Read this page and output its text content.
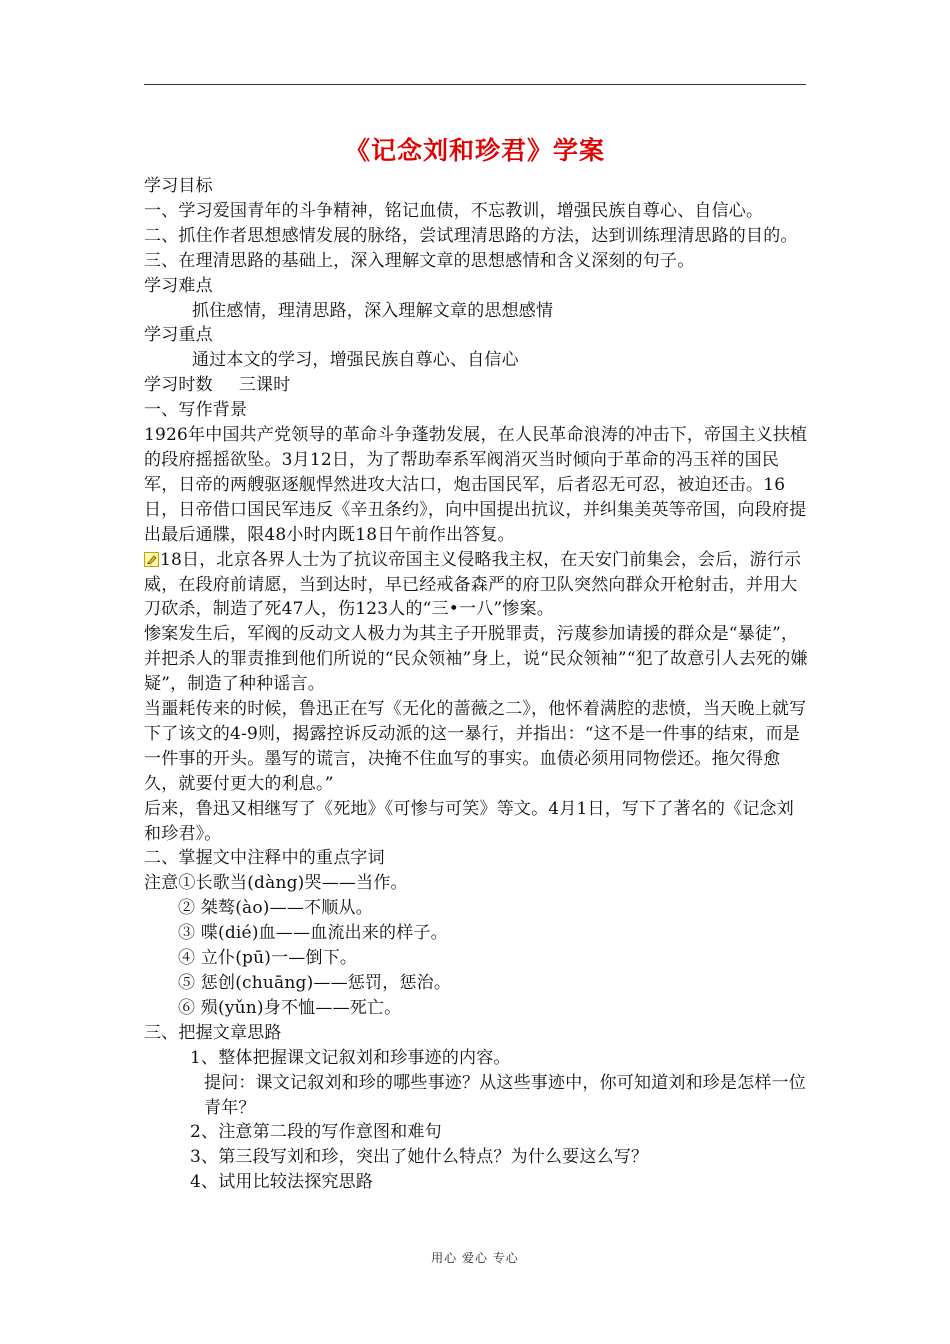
《记念刘和珍君》学案

学习目标

一、学习爱国青年的斗争精神，铭记血债，不忘教训，增强民族自尊心、自信心。

二、抓住作者思想感情发展的脉络，尝试理清思路的方法，达到训练理清思路的目的。

三、在理清思路的基础上，深入理解文章的思想感情和含义深刻的句子。

学习难点

抓住感情，理清思路，深入理解文章的思想感情

学习重点

通过本文的学习，增强民族自尊心、自信心

学习时数 三课时

一、写作背景

1926年中国共产党领导的革命斗争蓬勃发展，在人民革命浪涛的冲击下，帝国主义扶植的段府摇摇欲坠。3月12日，为了帮助奉系军阀消灭当时倾向于革命的冯玉祥的国民军，日帝的两艘驱逐舰悍然进攻大沽口，炮击国民军，后者忍无可忍，被迫还击。16日，日帝借口国民军违反《辛丑条约》，向中国提出抗议，并纠集美英等帝国，向段府提出最后通牒，限48小时内既18日午前作出答复。

18日，北京各界人士为了抗议帝国主义侵略我主权，在天安门前集会，会后，游行示威，在段府前请愿，当到达时，早已经戒备森严的府卫队突然向群众开枪射击，并用大刀砍杀，制造了死47人，伤123人的“三•一八”惨案。

惨案发生后，军阀的反动文人极力为其主子开脱罪责，污蔑参加请援的群众是“暴徒”，并把杀人的罪责推到他们所说的“民众领袖”身上，说“民众领袖”“犯了故意引人去死的嫌疑”，制造了种种谣言。

当噩耗传来的时候，鲁迅正在写《无化的蔷薇之二》，他怀着满腔的悲愤，当天晚上就写下了该文的4-9则，揭露控诉反动派的这一暴行，并指出：“这不是一件事的结束，而是一件事的开头。墨写的谎言，决掩不住血写的事实。血债必须用同物偿还。拖欠得愈久，就要付更大的利息。”

后来，鲁迅又相继写了《死地》《可惨与可笑》等文。4月1日，写下了著名的《记念刘和珍君》。

二、掌握文中注释中的重点字词

注意①长歌当(dàng)哭——当作。

② 桀骜(ào)——不顺从。

③ 喋(dié)血——血流出来的样子。

④ 立仆(pū)一—倒下。

⑤ 惩创(chuāng)——惩罚，惩治。

⑥ 殒(yǔn)身不恤——死亡。

三、把握文章思路

1、整体把握课文记叙刘和珍事迹的内容。

提问：课文记叙刘和珍的哪些事迹？从这些事迹中，你可知道刘和珍是怎样一位青年？

2、注意第二段的写作意图和难句

3、第三段写刘和珍，突出了她什么特点？为什么要这么写？

4、试用比较法探究思路

用心 爱心 专心
